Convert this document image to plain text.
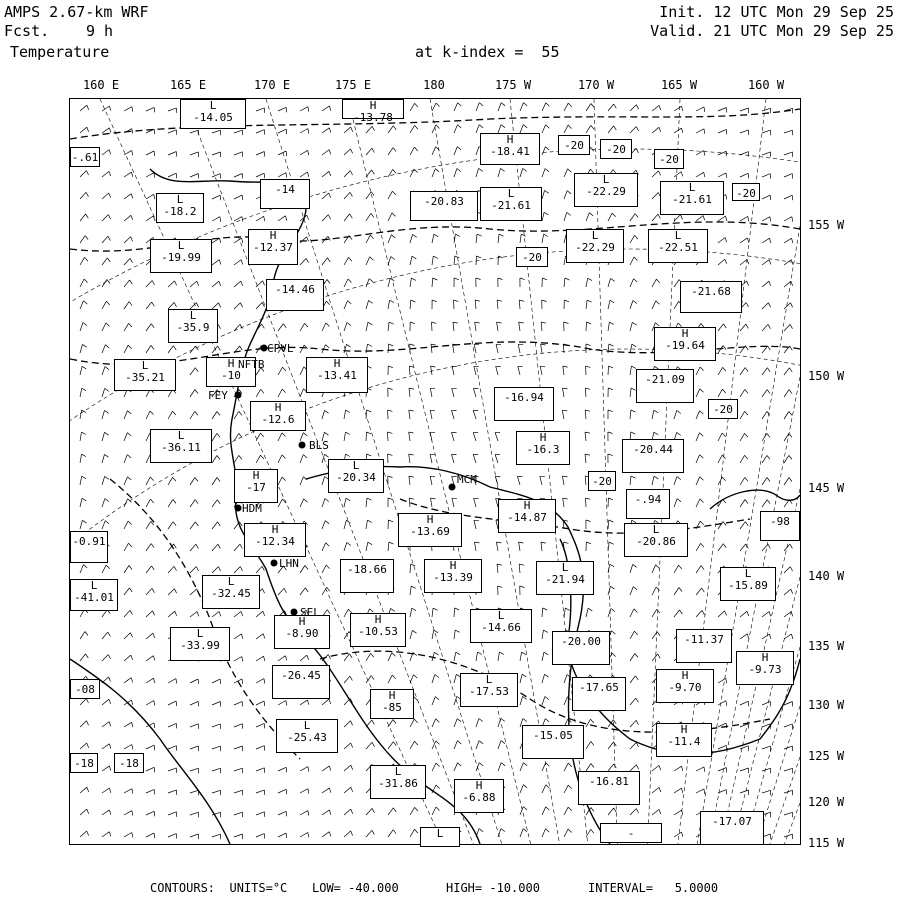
AMPS 2.67-km WRF
Fcst. 9 h
Temperature	at k-index =  55
Init. 12 UTC Mon 29 Sep 25
Valid. 21 UTC Mon 29 Sep 25
160 E	165 E	170 E	175 E	180	175 W	170 W	165 W	160 W
155 W
150 W
145 W
140 W
135 W
130 W
125 W
120 W
115 W
L
-14.05
H
-13.78
-.61
H
-18.41	-20	-20
-20
L
-18.2
-14
-20.83
L
-21.61
L
-22.29	L
-21.61	-20
L
-19.99
H
-12.37
-20
L
-22.29
L
-22.51
-14.46
L
-35.9
-21.68
H
-19.64
L
-35.21
H
-10
H
-13.41	-21.09
-20
H
-12.6
-16.94
H
-16.3
L
-36.11	-20.44
H
-17
L
-20.34	-20
-.94
H
-12.34
H
-13.69
H
-14.87	-98
-0.91
L
-20.86
-18.66	H
-13.39
L
-21.94	L
-15.89
L
-41.01
L
-32.45
L
-33.99
H
-8.90
H
-10.53
L
-14.66
-20.00	-11.37
H
-9.73
-08
-26.45
H
-85
L
-17.53	-17.65
H
-9.70
L
-25.43	-15.05	H
-11.4
-18	-18
L
-31.86	H
-6.88
-16.81
-17.07
L	-
CPVL
NFTB
BLS
MCM
HDM
LHN
SEL
FEY
CONTOURS:  UNITS=°C LOW= -40.000	HIGH= -10.000	INTERVAL=   5.0000
